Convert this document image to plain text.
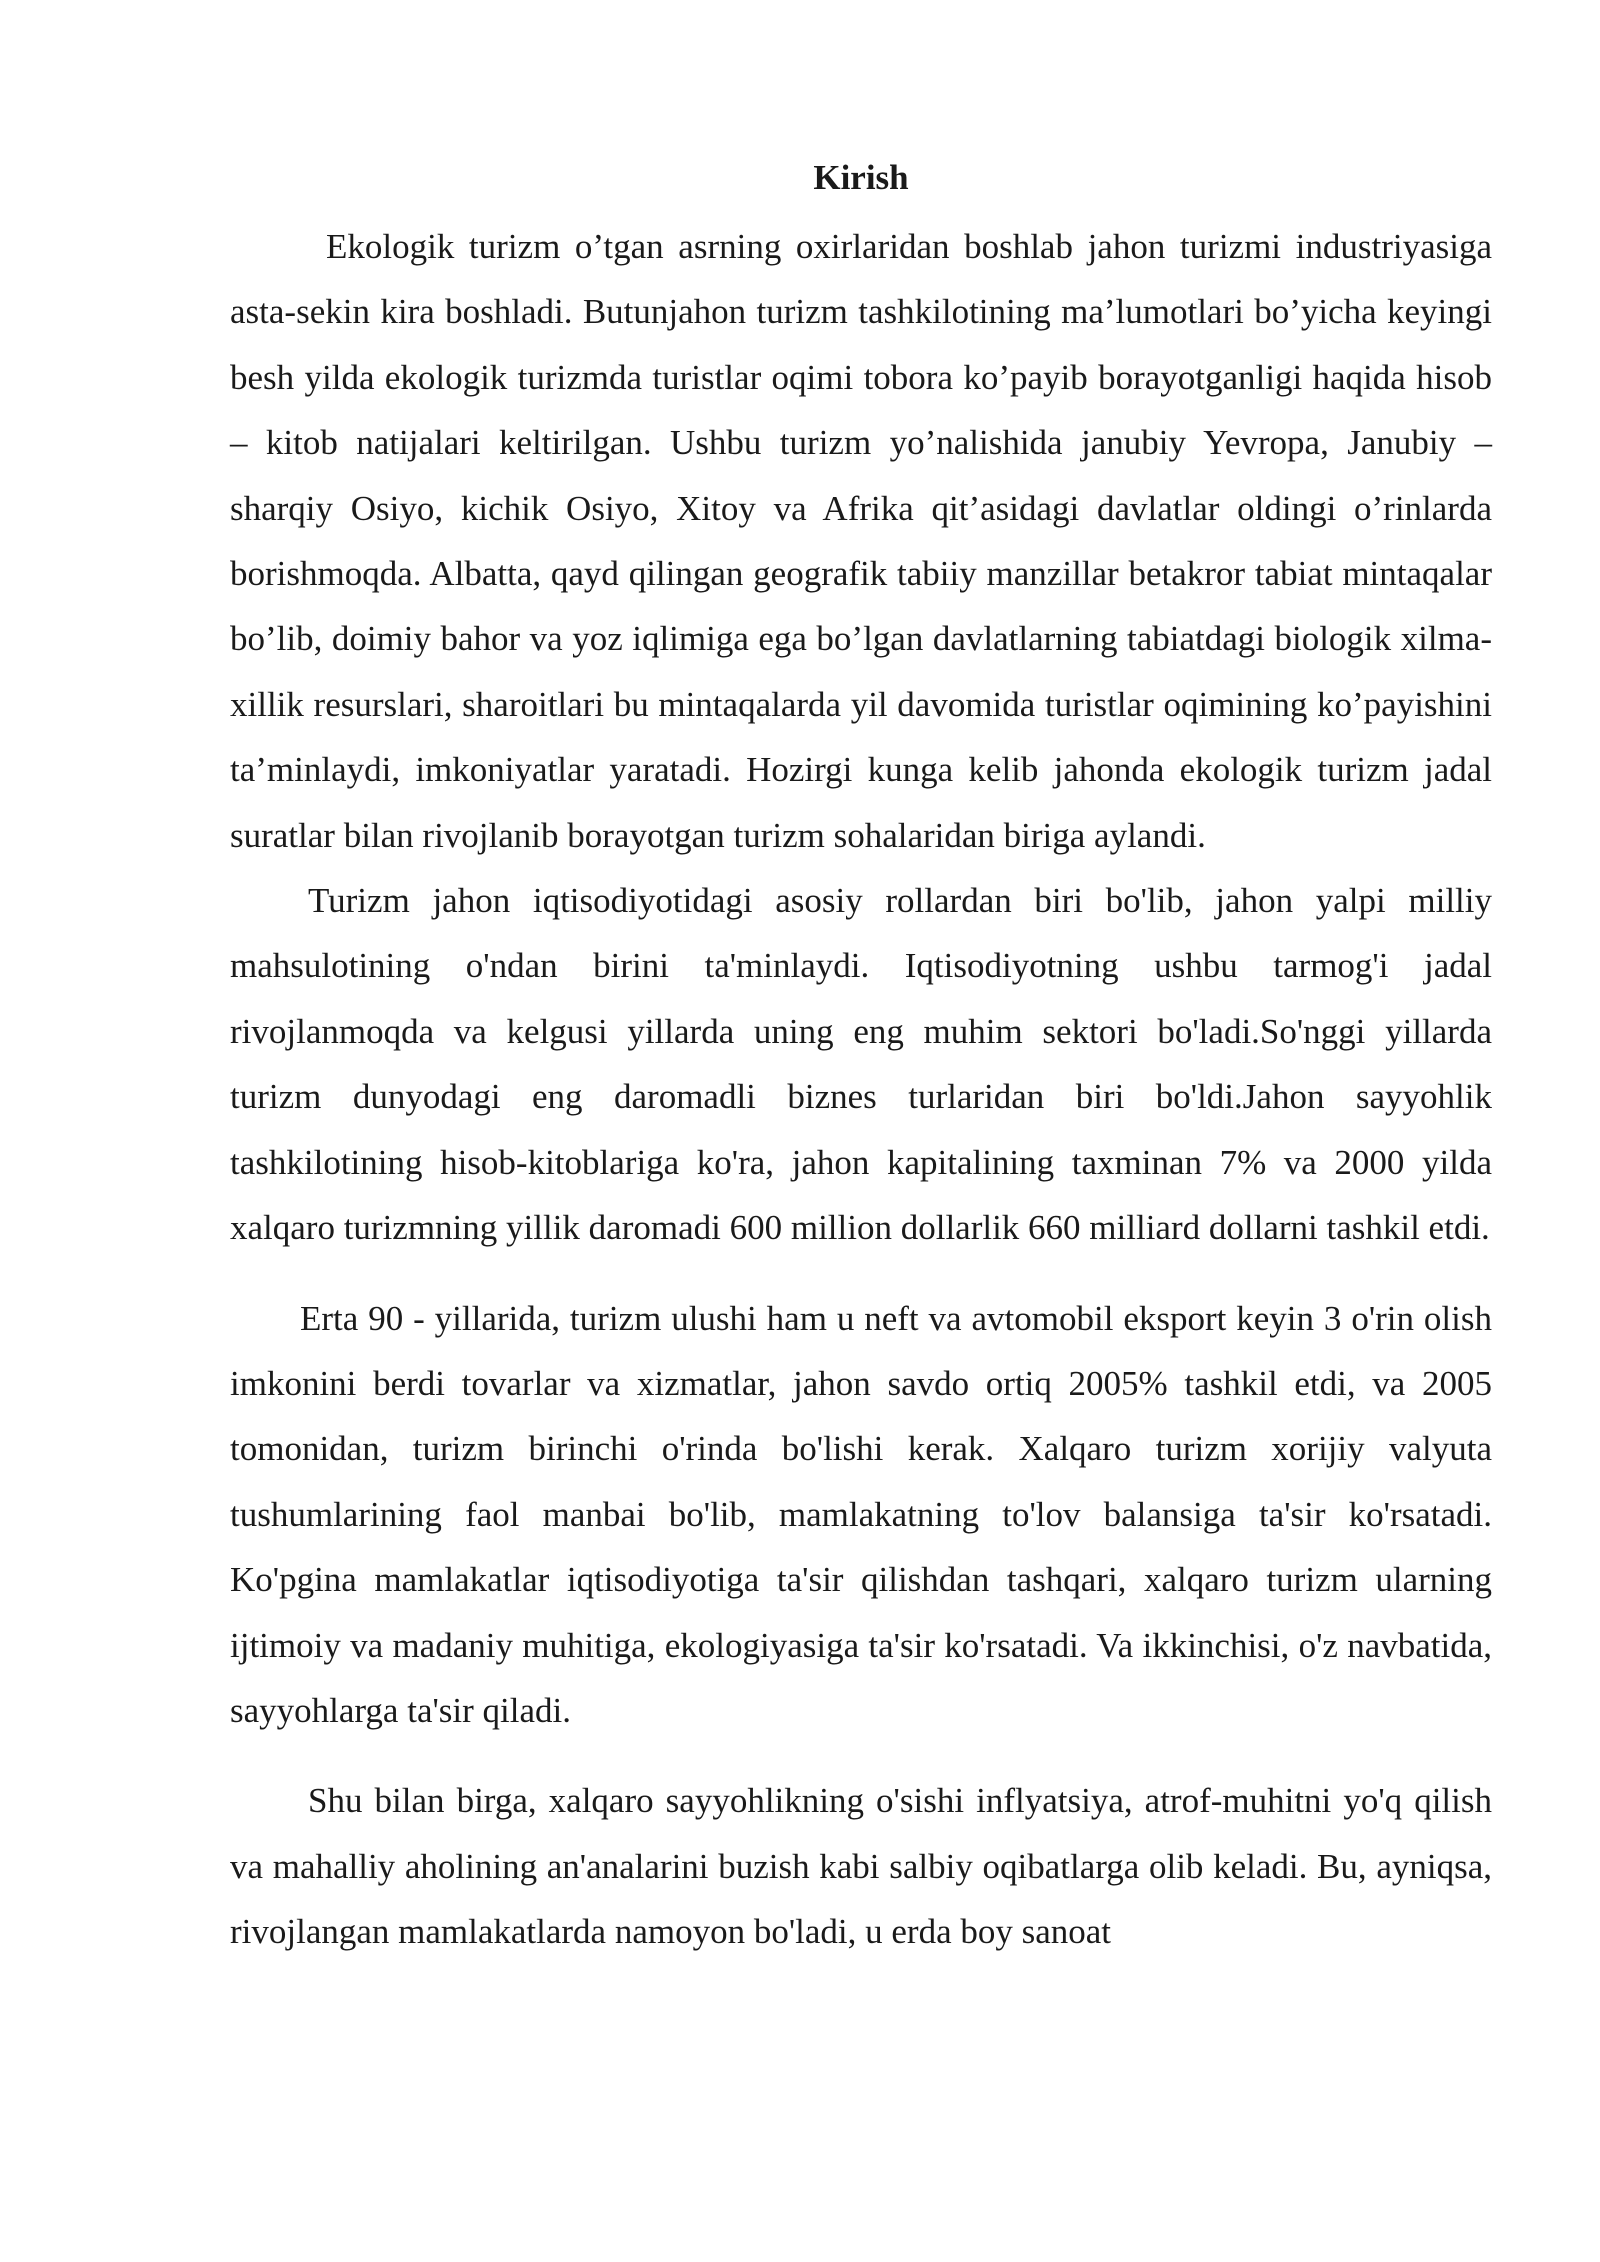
Kirish

Ekologik turizm o’tgan asrning oxirlaridan boshlab jahon turizmi industriyasiga asta-sekin kira boshladi. Butunjahon turizm tashkilotining ma’lumotlari bo’yicha keyingi besh yilda ekologik turizmda turistlar oqimi tobora ko’payib borayotganligi haqida hisob – kitob natijalari keltirilgan. Ushbu turizm yo’nalishida janubiy Yevropa, Janubiy – sharqiy Osiyo, kichik Osiyo, Xitoy va Afrika qit’asidagi davlatlar oldingi o’rinlarda borishmoqda. Albatta, qayd qilingan geografik tabiiy manzillar betakror tabiat mintaqalar bo’lib, doimiy bahor va yoz iqlimiga ega bo’lgan davlatlarning tabiatdagi biologik xilma-xillik resurslari, sharoitlari bu mintaqalarda yil davomida turistlar oqimining ko’payishini ta’minlaydi, imkoniyatlar yaratadi. Hozirgi kunga kelib jahonda ekologik turizm jadal suratlar bilan rivojlanib borayotgan turizm sohalaridan biriga aylandi.

Turizm jahon iqtisodiyotidagi asosiy rollardan biri bo'lib, jahon yalpi milliy mahsulotining o'ndan birini ta'minlaydi. Iqtisodiyotning ushbu tarmog'i jadal rivojlanmoqda va kelgusi yillarda uning eng muhim sektori bo'ladi.So'nggi yillarda turizm dunyodagi eng daromadli biznes turlaridan biri bo'ldi.Jahon sayyohlik tashkilotining hisob-kitoblariga ko'ra, jahon kapitalining taxminan 7% va 2000 yilda xalqaro turizmning yillik daromadi 600 million dollarlik 660 milliard dollarni tashkil etdi.

Erta 90 - yillarida, turizm ulushi ham u neft va avtomobil eksport keyin 3 o'rin olish imkonini berdi tovarlar va xizmatlar, jahon savdo ortiq 2005% tashkil etdi, va 2005 tomonidan, turizm birinchi o'rinda bo'lishi kerak. Xalqaro turizm xorijiy valyuta tushumlarining faol manbai bo'lib, mamlakatning to'lov balansiga ta'sir ko'rsatadi. Ko'pgina mamlakatlar iqtisodiyotiga ta'sir qilishdan tashqari, xalqaro turizm ularning ijtimoiy va madaniy muhitiga, ekologiyasiga ta'sir ko'rsatadi. Va ikkinchisi, o'z navbatida, sayyohlarga ta'sir qiladi.

Shu bilan birga, xalqaro sayyohlikning o'sishi inflyatsiya, atrof-muhitni yo'q qilish va mahalliy aholining an'analarini buzish kabi salbiy oqibatlarga olib keladi. Bu, ayniqsa, rivojlangan mamlakatlarda namoyon bo'ladi, u erda boy sanoat
